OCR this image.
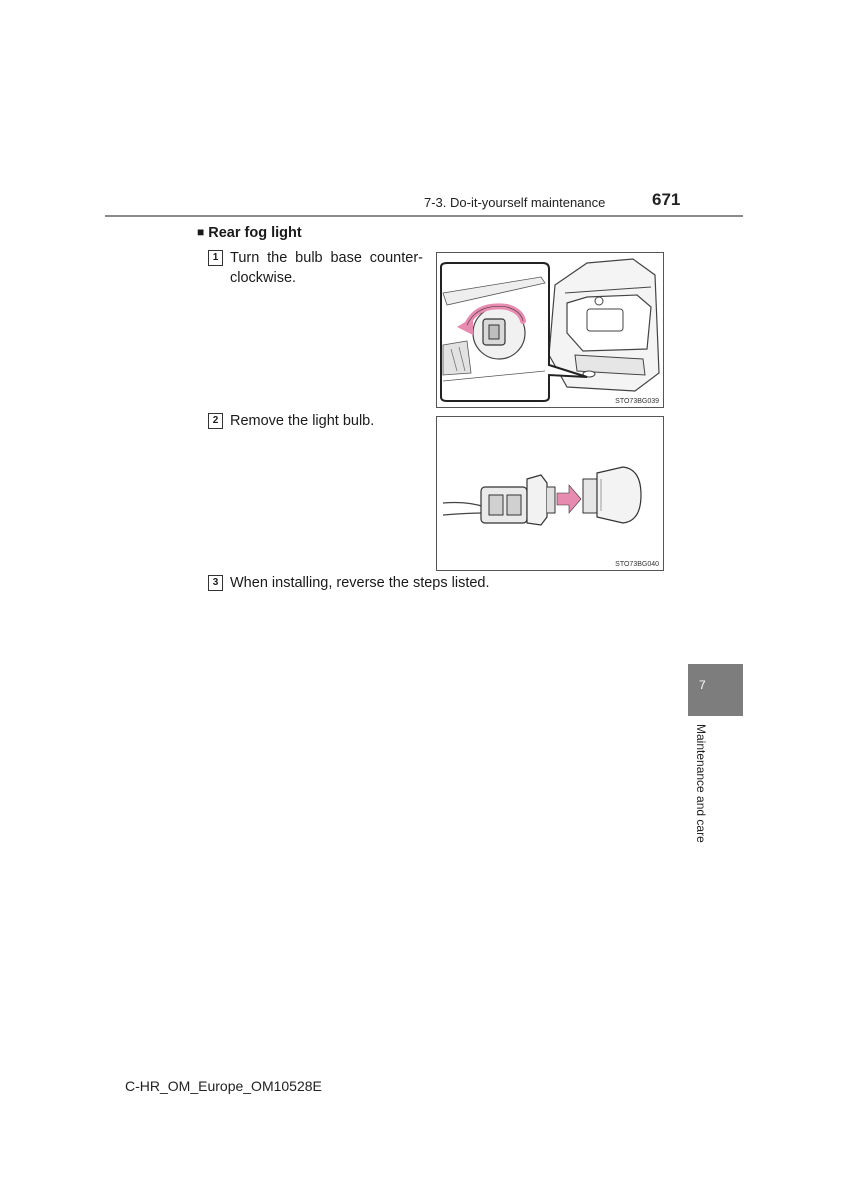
7-3. Do-it-yourself maintenance	671
■ Rear fog light
1 Turn the bulb base counter-
clockwise.
STO73BG039
2 Remove the light bulb.
STO73BG040
3 When installing, reverse the steps listed.
7
Maintenance and care
C-HR_OM_Europe_OM10528E
